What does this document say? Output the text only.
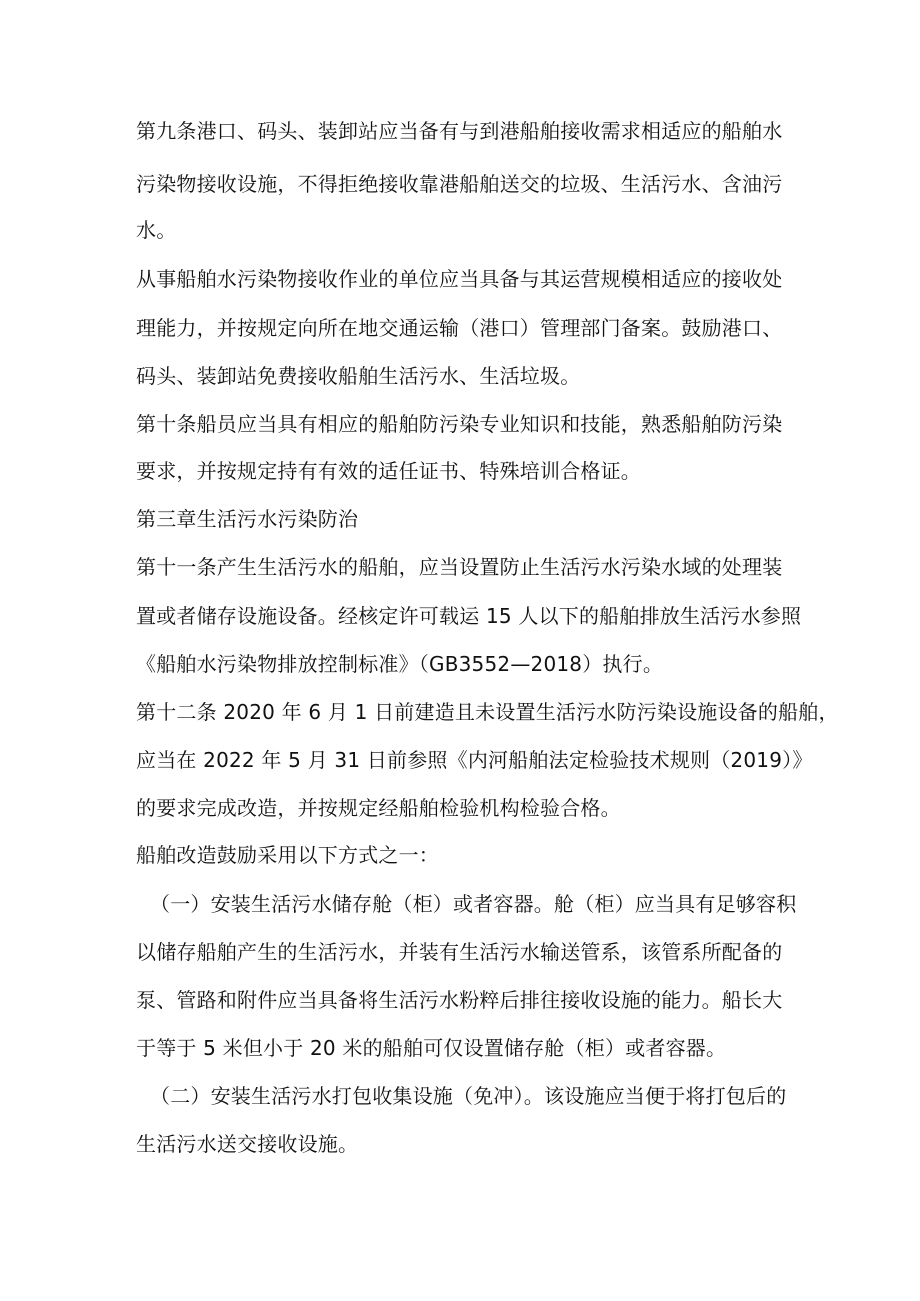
第九条港口、码头、装卸站应当备有与到港船舶接收需求相适应的船舶水
污染物接收设施，不得拒绝接收靠港船舶送交的垃圾、生活污水、含油污
水。
从事船舶水污染物接收作业的单位应当具备与其运营规模相适应的接收处
理能力，并按规定向所在地交通运输（港口）管理部门备案。鼓励港口、
码头、装卸站免费接收船舶生活污水、生活垃圾。
第十条船员应当具有相应的船舶防污染专业知识和技能，熟悉船舶防污染
要求，并按规定持有有效的适任证书、特殊培训合格证。
第三章生活污水污染防治
第十一条产生生活污水的船舶，应当设置防止生活污水污染水域的处理装
置或者储存设施设备。经核定许可载运 15 人以下的船舶排放生活污水参照
《船舶水污染物排放控制标准》（GB3552—2018）执行。
第十二条 2020 年 6 月 1 日前建造且未设置生活污水防污染设施设备的船舶，
应当在 2022 年 5 月 31 日前参照《内河船舶法定检验技术规则（2019）》
的要求完成改造，并按规定经船舶检验机构检验合格。
船舶改造鼓励采用以下方式之一：
（一）安装生活污水储存舱（柜）或者容器。舱（柜）应当具有足够容积
以储存船舶产生的生活污水，并装有生活污水输送管系，该管系所配备的
泵、管路和附件应当具备将生活污水粉粹后排往接收设施的能力。船长大
于等于 5 米但小于 20 米的船舶可仅设置储存舱（柜）或者容器。
（二）安装生活污水打包收集设施（免冲）。该设施应当便于将打包后的
生活污水送交接收设施。
